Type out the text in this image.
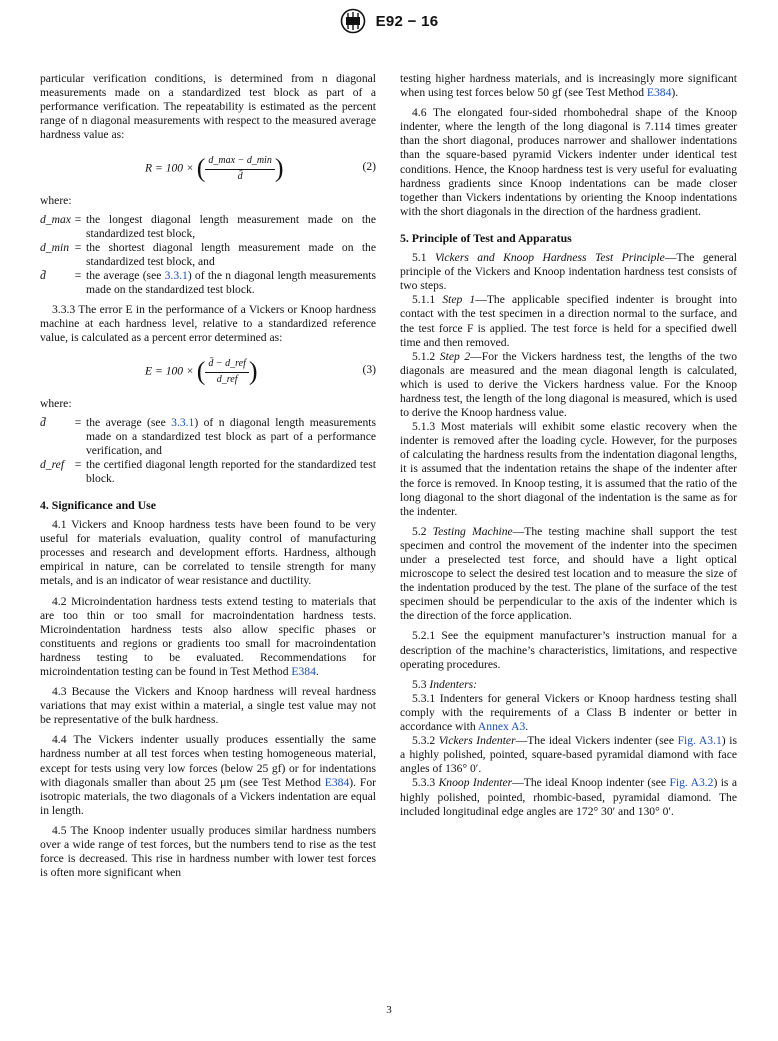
E92 − 16

particular verification conditions, is determined from n diagonal measurements made on a standardized test block as part of a performance verification. The repeatability is estimated as the percent range of n diagonal measurements with respect to the measured average hardness value as:

R = 100 × ( $\frac{d\_\max - d\_\min}{d̄}$ )	(2)

where:

d_max = the longest diagonal length measurement made on the standardized test block,
d_min = the shortest diagonal length measurement made on the standardized test block, and
d̄	= the average (see 3.3.1) of the n diagonal length measurements made on the standardized test block.

3.3.3 The error E in the performance of a Vickers or Knoop hardness machine at each hardness level, relative to a standardized reference value, is calculated as a percent error determined as:

E = 100 × ( $\frac{\text{d̄ − d\_ref}}{\text{d\_ref}}$ )	(3)

where:

d̄	= the average (see 3.3.1) of n diagonal length measurements made on a standardized test block as part of a performance verification, and
d_ref = the certified diagonal length reported for the standardized test block.
4. Significance and Use

4.1 Vickers and Knoop hardness tests have been found to be very useful for materials evaluation, quality control of manufacturing processes and research and development efforts. Hardness, although empirical in nature, can be correlated to tensile strength for many metals, and is an indicator of wear resistance and ductility.

4.2 Microindentation hardness tests extend testing to materials that are too thin or too small for macroindentation hardness tests. Microindentation hardness tests also allow specific phases or constituents and regions or gradients too small for macroindentation hardness testing to be evaluated. Recommendations for microindentation testing can be found in Test Method E384.

4.3 Because the Vickers and Knoop hardness will reveal hardness variations that may exist within a material, a single test value may not be representative of the bulk hardness.

4.4 The Vickers indenter usually produces essentially the same hardness number at all test forces when testing homogeneous material, except for tests using very low forces (below 25 gf) or for indentations with diagonals smaller than about 25 µm (see Test Method E384). For isotropic materials, the two diagonals of a Vickers indentation are equal in length.

4.5 The Knoop indenter usually produces similar hardness numbers over a wide range of test forces, but the numbers tend to rise as the test force is decreased. This rise in hardness number with lower test forces is often more significant when

testing higher hardness materials, and is increasingly more significant when using test forces below 50 gf (see Test Method E384).

4.6 The elongated four-sided rhombohedral shape of the Knoop indenter, where the length of the long diagonal is 7.114 times greater than the short diagonal, produces narrower and shallower indentations than the square-based pyramid Vickers indenter under identical test conditions. Hence, the Knoop hardness test is very useful for evaluating hardness gradients since Knoop indentations can be made closer together than Vickers indentations by orienting the Knoop indentations with the short diagonals in the direction of the hardness gradient.

5. Principle of Test and Apparatus

5.1 Vickers and Knoop Hardness Test Principle—The general principle of the Vickers and Knoop indentation hardness test consists of two steps.

5.1.1 Step 1—The applicable specified indenter is brought into contact with the test specimen in a direction normal to the surface, and the test force F is applied. The test force is held for a specified dwell time and then removed.

5.1.2 Step 2—For the Vickers hardness test, the lengths of the two diagonals are measured and the mean diagonal length is calculated, which is used to derive the Vickers hardness value. For the Knoop hardness test, the length of the long diagonal is measured, which is used to derive the Knoop hardness value.

5.1.3 Most materials will exhibit some elastic recovery when the indenter is removed after the loading cycle. However, for the purposes of calculating the hardness results from the indentation diagonal lengths, it is assumed that the indentation retains the shape of the indenter after the force is removed. In Knoop testing, it is assumed that the ratio of the long diagonal to the short diagonal of the indentation is the same as for the indenter.

5.2 Testing Machine—The testing machine shall support the test specimen and control the movement of the indenter into the specimen under a preselected test force, and should have a light optical microscope to select the desired test location and to measure the size of the indentation produced by the test. The plane of the surface of the test specimen should be perpendicular to the axis of the indenter which is the direction of the force application.

5.2.1 See the equipment manufacturer’s instruction manual for a description of the machine’s characteristics, limitations, and respective operating procedures.

5.3 Indenters:

5.3.1 Indenters for general Vickers or Knoop hardness testing shall comply with the requirements of a Class B indenter or better in accordance with Annex A3.

5.3.2 Vickers Indenter—The ideal Vickers indenter (see Fig. A3.1) is a highly polished, pointed, square-based pyramidal diamond with face angles of 136° 0′.

5.3.3 Knoop Indenter—The ideal Knoop indenter (see Fig. A3.2) is a highly polished, pointed, rhombic-based, pyramidal diamond. The included longitudinal edge angles are 172° 30′ and 130° 0′.

3
